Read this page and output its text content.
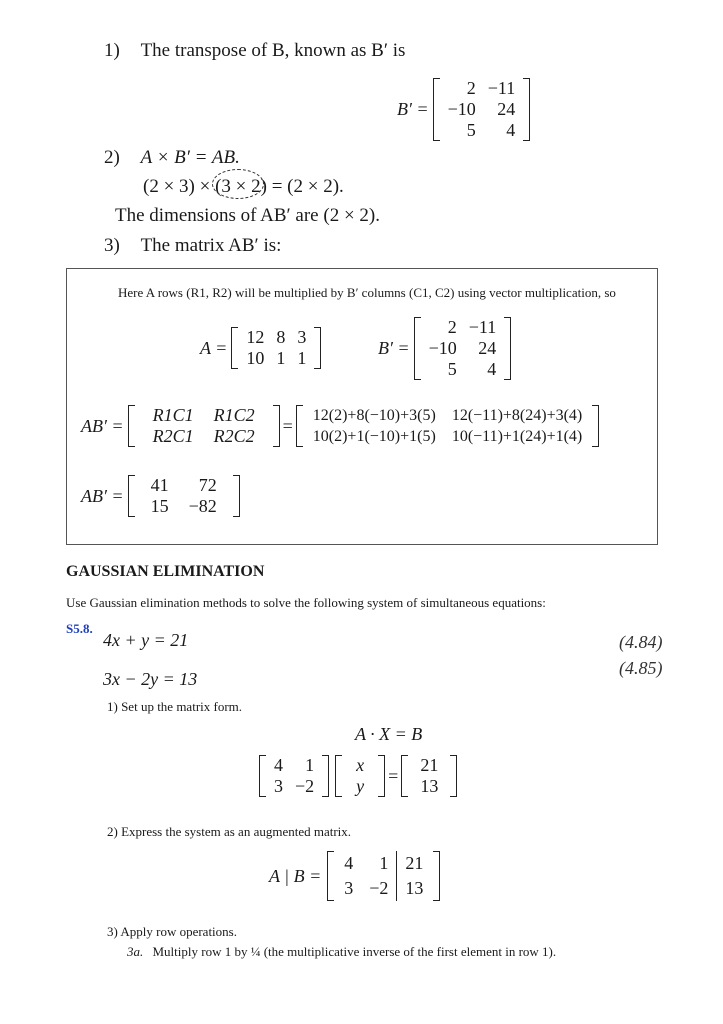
1) The transpose of B, known as B′ is
B′ =
2	−11
−10	24
5	4
2) A × B′ = AB.
(2 × 3) × (3 × 2) = (2 × 2).
The dimensions of AB′ are (2 × 2).
3) The matrix AB′ is:
Here A rows (R1, R2) will be multiplied by B′ columns (C1, C2) using vector multiplication, so
A =
12	8	3
10	1	1	B′ =
2	−11
−10	24
5	4
AB′ =
R1C1	R1C2
R2C1	R2C2
= 12(2)+8(−10)+3(5)	12(−11)+8(24)+3(4)
10(2)+1(−10)+1(5)	10(−11)+1(24)+1(4)
AB′ =
41	72
15	−82
GAUSSIAN ELIMINATION
Use Gaussian elimination methods to solve the following system of simultaneous equations:
S5.8.
4x + y = 21	(4.84)
3x − 2y = 13
(4.85)
1) Set up the matrix form.
A · X = B
4	1
3	−2
x
y
=
21
13
2) Express the system as an augmented matrix.
A | B =
4	1	21
3	−2	13
3) Apply row operations.
3a. Multiply row 1 by ¼ (the multiplicative inverse of the first element in row 1).
